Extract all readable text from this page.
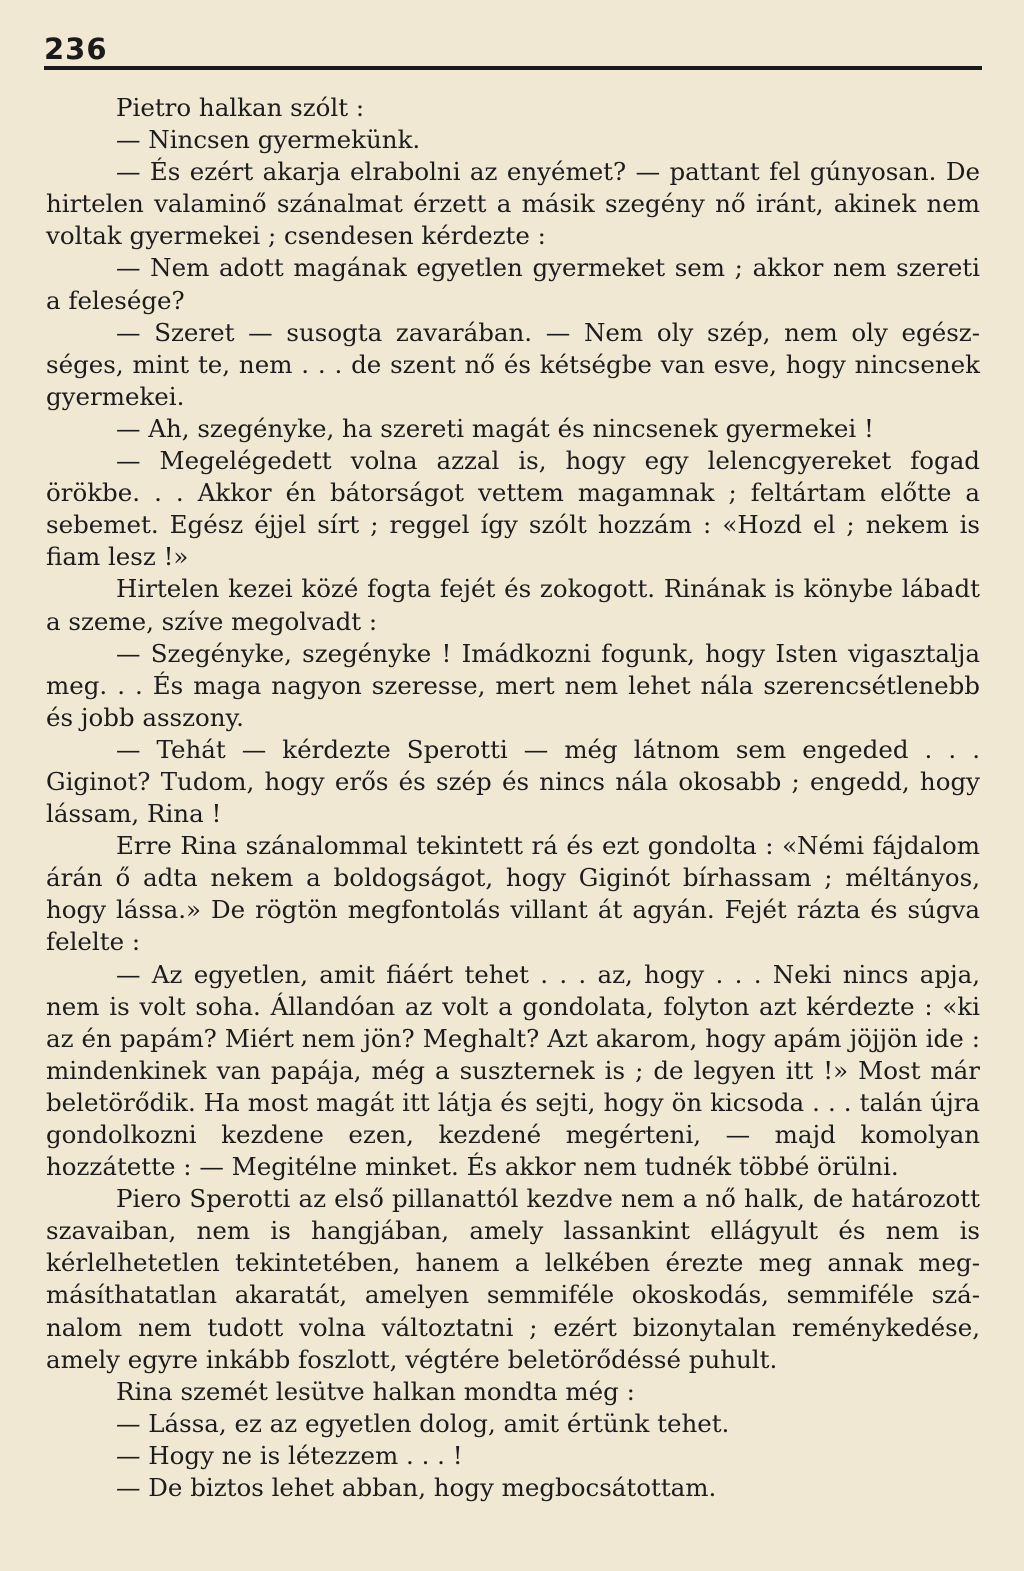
236

Pietro halkan szólt :

— Nincsen gyermekünk.

— És ezért akarja elrabolni az enyémet? — pattant fel gúnyosan. De hirtelen valaminő szánalmat érzett a másik szegény nő iránt, akinek nem voltak gyermekei ; csendesen kérdezte :

— Nem adott magának egyetlen gyermeket sem ; akkor nem szereti a felesége?

— Szeret — susogta zavarában. — Nem oly szép, nem oly egészséges, mint te, nem . . . de szent nő és kétségbe van esve, hogy nincsenek gyermekei.

— Ah, szegényke, ha szereti magát és nincsenek gyermekei !

— Megelégedett volna azzal is, hogy egy lelencgyereket fogad örökbe. . . Akkor én bátorságot vettem magamnak ; feltártam előtte a sebemet. Egész éjjel sírt ; reggel így szólt hozzám : «Hozd el ; nekem is fiam lesz !»

Hirtelen kezei közé fogta fejét és zokogott. Rinának is könybe lábadt a szeme, szíve megolvadt :

— Szegényke, szegényke ! Imádkozni fogunk, hogy Isten vigasztalja meg. . . És maga nagyon szeresse, mert nem lehet nála szerencsétlenebb és jobb asszony.

— Tehát — kérdezte Sperotti — még látnom sem engeded . . . Giginot? Tudom, hogy erős és szép és nincs nála okosabb ; engedd, hogy lássam, Rina !

Erre Rina szánalommal tekintett rá és ezt gondolta : «Némi fájdalom árán ő adta nekem a boldogságot, hogy Giginót bírhassam ; méltányos, hogy lássa.» De rögtön megfontolás villant át agyán. Fejét rázta és súgva felelte :

— Az egyetlen, amit fiáért tehet . . . az, hogy . . . Neki nincs apja, nem is volt soha. Állandóan az volt a gondolata, folyton azt kérdezte : «ki az én papám? Miért nem jön? Meghalt? Azt akarom, hogy apám jöjjön ide : mindenkinek van papája, még a suszternek is ; de legyen itt !» Most már beletörődik. Ha most magát itt látja és sejti, hogy ön kicsoda . . . talán újra gondolkozni kezdene ezen, kezdené megérteni, — majd komolyan hozzátette : — Megitélne minket. És akkor nem tudnék többé örülni.

Piero Sperotti az első pillanattól kezdve nem a nő halk, de határozott szavaiban, nem is hangjában, amely lassankint ellágyult és nem is kérlelhetetlen tekintetében, hanem a lelkében érezte meg annak megmásíthatatlan akaratát, amelyen semmiféle okoskodás, semmiféle szánalom nem tudott volna változtatni ; ezért bizonytalan reménykedése, amely egyre inkább foszlott, végtére beletörődéssé puhult.

Rina szemét lesütve halkan mondta még :

— Lássa, ez az egyetlen dolog, amit értünk tehet.

— Hogy ne is létezzem . . . !

— De biztos lehet abban, hogy megbocsátottam.
